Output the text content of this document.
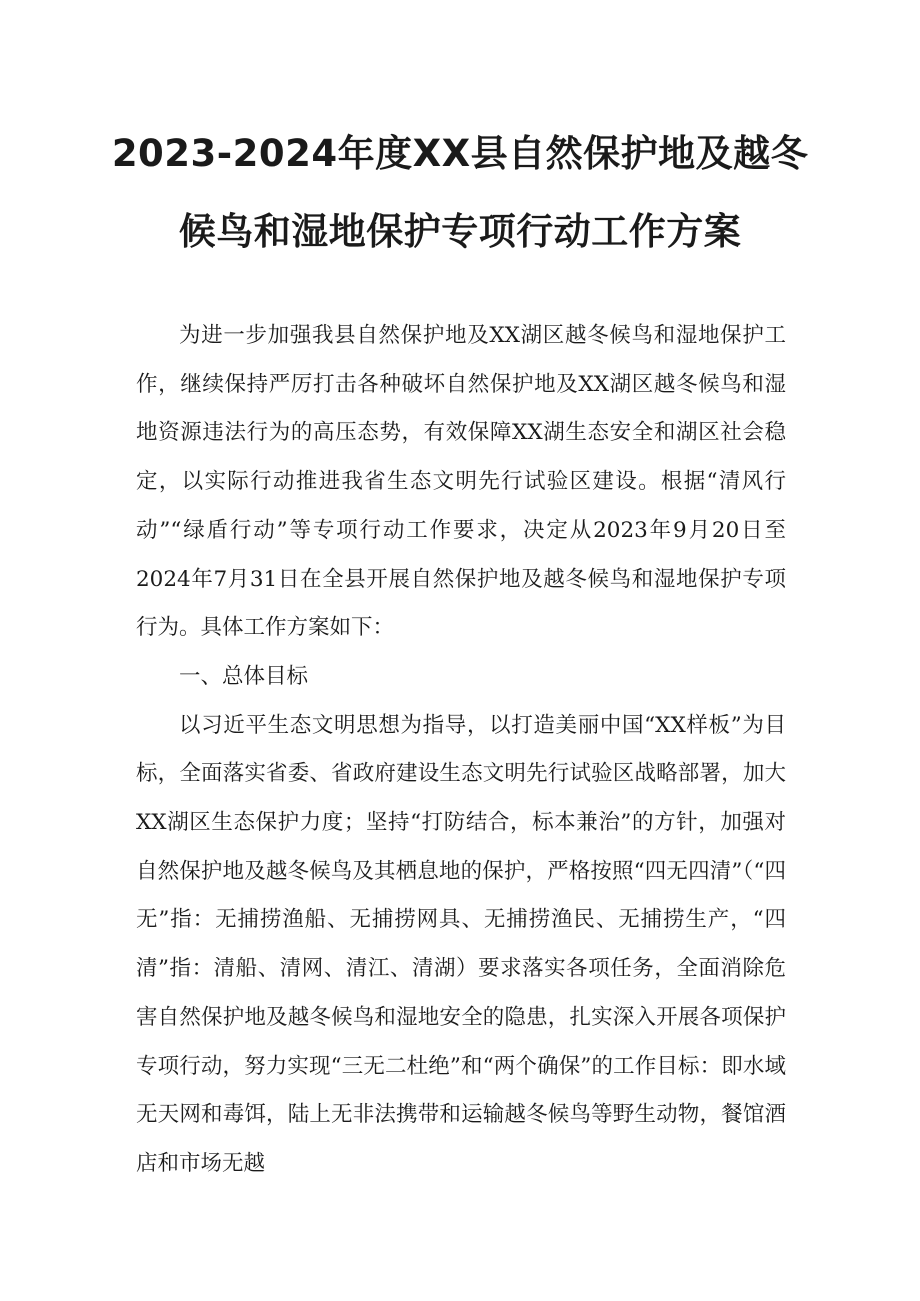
2023-2024年度XX县自然保护地及越冬
候鸟和湿地保护专项行动工作方案

为进一步加强我县自然保护地及XX湖区越冬候鸟和湿地保护工作，继续保持严厉打击各种破坏自然保护地及XX湖区越冬候鸟和湿地资源违法行为的高压态势，有效保障XX湖生态安全和湖区社会稳定，以实际行动推进我省生态文明先行试验区建设。根据“清风行动”“绿盾行动”等专项行动工作要求，决定从2023年9月20日至2024年7月31日在全县开展自然保护地及越冬候鸟和湿地保护专项行为。具体工作方案如下：

一、总体目标

以习近平生态文明思想为指导，以打造美丽中国“XX样板”为目标，全面落实省委、省政府建设生态文明先行试验区战略部署，加大XX湖区生态保护力度；坚持“打防结合，标本兼治”的方针，加强对自然保护地及越冬候鸟及其栖息地的保护，严格按照“四无四清”（“四无”指：无捕捞渔船、无捕捞网具、无捕捞渔民、无捕捞生产，“四清”指：清船、清网、清江、清湖）要求落实各项任务，全面消除危害自然保护地及越冬候鸟和湿地安全的隐患，扎实深入开展各项保护专项行动，努力实现“三无二杜绝”和“两个确保”的工作目标：即水域无天网和毒饵，陆上无非法携带和运输越冬候鸟等野生动物，餐馆酒店和市场无越
